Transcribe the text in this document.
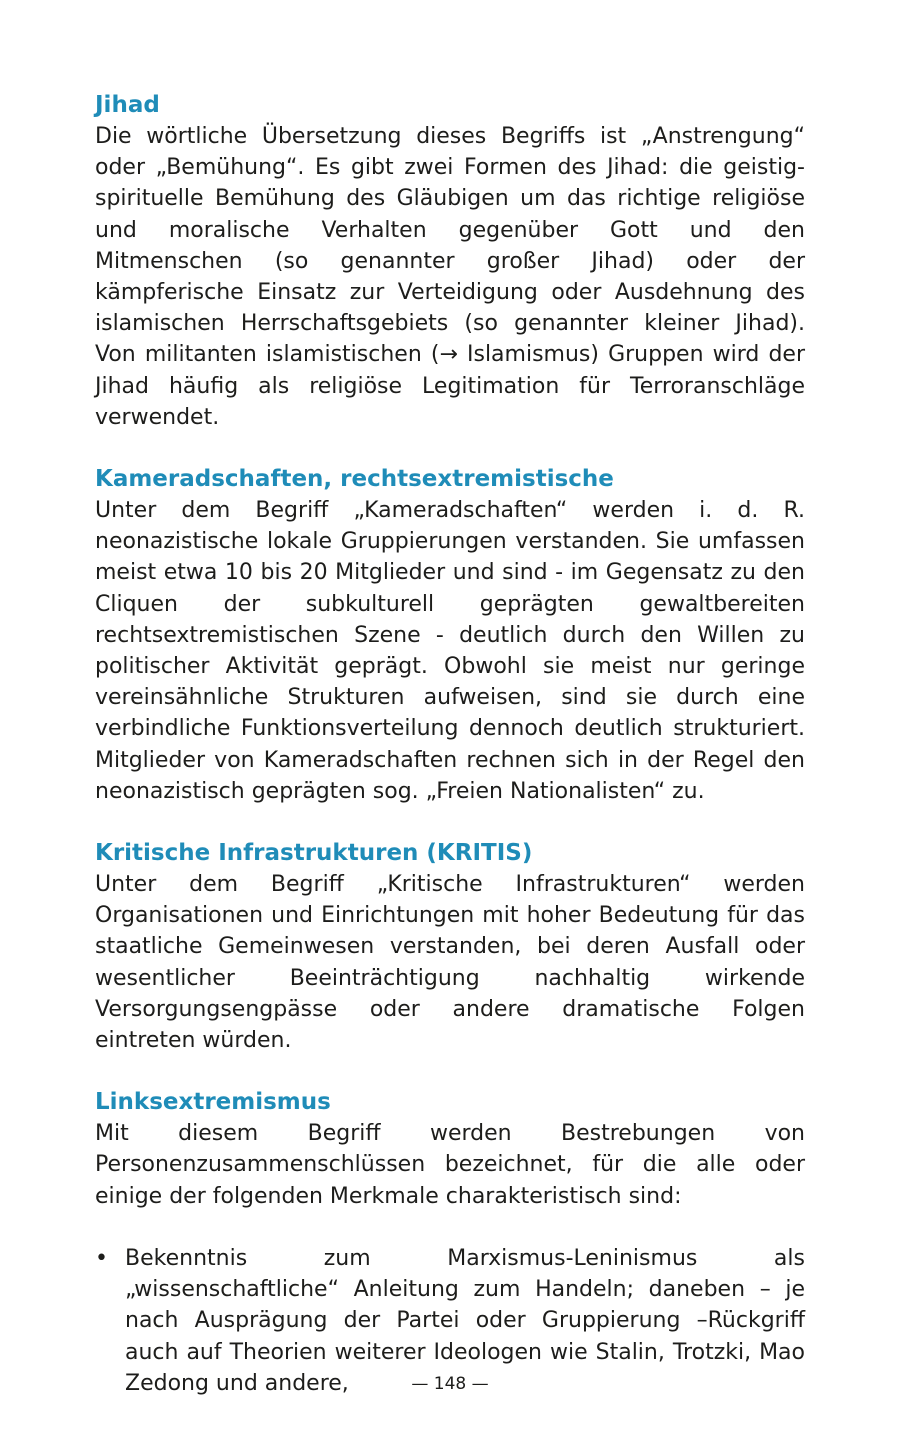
Jihad

Die wörtliche Übersetzung dieses Begriffs ist „Anstrengung“ oder „Bemühung“. Es gibt zwei Formen des Jihad: die geistig-spirituelle Bemühung des Gläubigen um das richtige religiöse und moralische Verhalten gegenüber Gott und den Mitmenschen (so genannter großer Jihad) oder der kämpferische Einsatz zur Verteidigung oder Ausdehnung des islamischen Herrschaftsgebiets (so genannter kleiner Jihad). Von militanten islamistischen (→ Islamismus) Gruppen wird der Jihad häufig als religiöse Legitimation für Terroranschläge verwendet.

Kameradschaften, rechtsextremistische

Unter dem Begriff „Kameradschaften“ werden i. d. R. neonazistische lokale Gruppierungen verstanden. Sie umfassen meist etwa 10 bis 20 Mitglieder und sind - im Gegensatz zu den Cliquen der subkulturell geprägten gewaltbereiten rechtsextremistischen Szene - deutlich durch den Willen zu politischer Aktivität geprägt. Obwohl sie meist nur geringe vereinsähnliche Strukturen aufweisen, sind sie durch eine verbindliche Funktionsverteilung dennoch deutlich strukturiert. Mitglieder von Kameradschaften rechnen sich in der Regel den neonazistisch geprägten sog. „Freien Nationalisten“ zu.

Kritische Infrastrukturen (KRITIS)

Unter dem Begriff „Kritische Infrastrukturen“ werden Organisationen und Einrichtungen mit hoher Bedeutung für das staatliche Gemeinwesen verstanden, bei deren Ausfall oder wesentlicher Beeinträchtigung nachhaltig wirkende Versorgungsengpässe oder andere dramatische Folgen eintreten würden.

Linksextremismus

Mit diesem Begriff werden Bestrebungen von Personenzusammenschlüssen bezeichnet, für die alle oder einige der folgenden Merkmale charakteristisch sind:

• Bekenntnis zum Marxismus-Leninismus als „wissenschaftliche“ Anleitung zum Handeln; daneben – je nach Ausprägung der Partei oder Gruppierung –Rückgriff auch auf Theorien weiterer Ideologen wie Stalin, Trotzki, Mao Zedong und andere,	— 148 —
